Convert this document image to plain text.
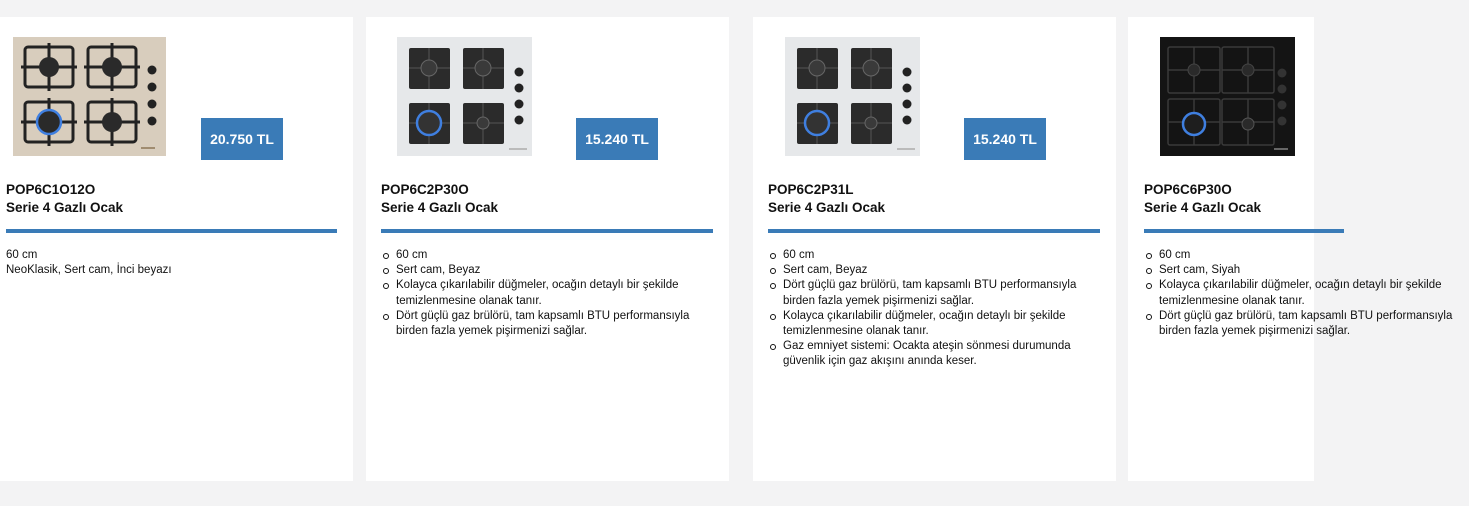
20.750 TL
POP6C1O12O
Serie 4 Gazlı Ocak
60 cm
NeoKlasik, Sert cam, İnci beyazı
15.240 TL
POP6C2P30O
Serie 4 Gazlı Ocak
60 cm
Sert cam, Beyaz
Kolayca çıkarılabilir düğmeler, ocağın detaylı bir şekilde temizlenmesine olanak tanır.
Dört güçlü gaz brülörü, tam kapsamlı BTU performansıyla birden fazla yemek pişirmenizi sağlar.
15.240 TL
POP6C2P31L
Serie 4 Gazlı Ocak
60 cm
Sert cam, Beyaz
Dört güçlü gaz brülörü, tam kapsamlı BTU performansıyla birden fazla yemek pişirmenizi sağlar.
Kolayca çıkarılabilir düğmeler, ocağın detaylı bir şekilde temizlenmesine olanak tanır.
Gaz emniyet sistemi: Ocakta ateşin sönmesi durumunda güvenlik için gaz akışını anında keser.
POP6C6P30O
Serie 4 Gazlı Ocak
60 cm
Sert cam, Siyah
Kolayca çıkarılabilir düğmeler, ocağın detaylı bir şekilde temizlenmesine olanak tanır.
Dört güçlü gaz brülörü, tam kapsamlı BTU performansıyla birden fazla yemek pişirmenizi sağlar.
